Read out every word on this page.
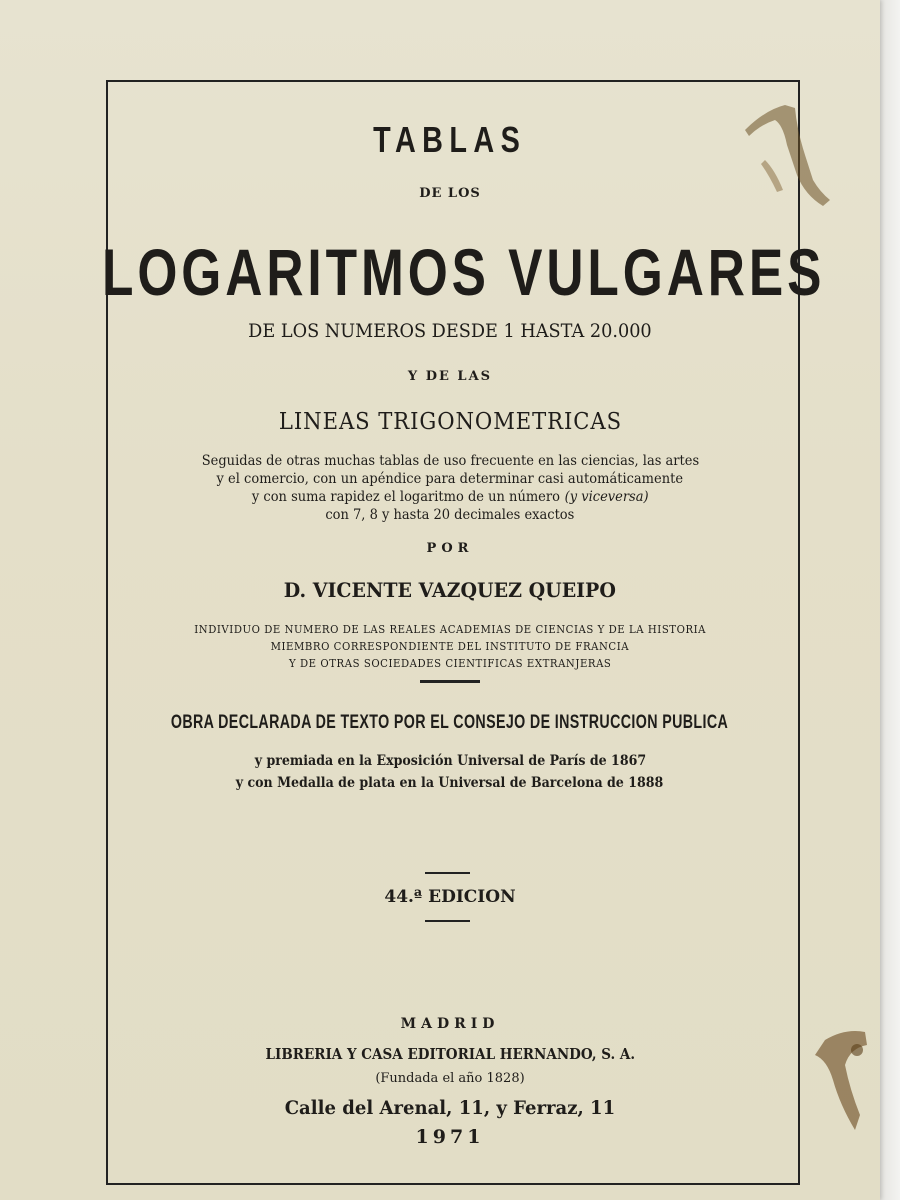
TABLAS
DE LOS
LOGARITMOS VULGARES
DE LOS NUMEROS DESDE 1 HASTA 20.000
Y DE LAS
LINEAS TRIGONOMETRICAS
Seguidas de otras muchas tablas de uso frecuente en las ciencias, las artes
y el comercio, con un apéndice para determinar casi automáticamente
y con suma rapidez el logaritmo de un número (y viceversa)
con 7, 8 y hasta 20 decimales exactos
POR
D. VICENTE VAZQUEZ QUEIPO
INDIVIDUO DE NUMERO DE LAS REALES ACADEMIAS DE CIENCIAS Y DE LA HISTORIA
MIEMBRO CORRESPONDIENTE DEL INSTITUTO DE FRANCIA
Y DE OTRAS SOCIEDADES CIENTIFICAS EXTRANJERAS
OBRA DECLARADA DE TEXTO POR EL CONSEJO DE INSTRUCCION PUBLICA
y premiada en la Exposición Universal de París de 1867
y con Medalla de plata en la Universal de Barcelona de 1888
44.ª EDICION
MADRID
LIBRERIA Y CASA EDITORIAL HERNANDO, S. A.
(Fundada el año 1828)
Calle del Arenal, 11, y Ferraz, 11
1971
